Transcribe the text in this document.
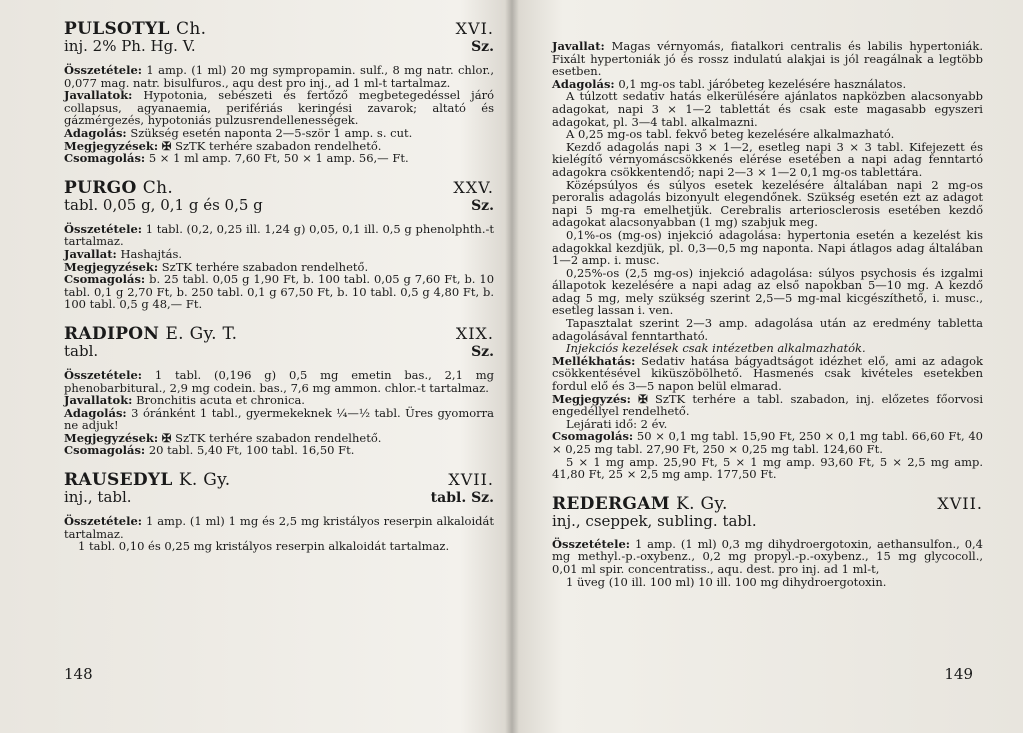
PULSOTYL Ch.	XVI.
inj. 2% Ph. Hg. V.	Sz.

Összetétele: 1 amp. (1 ml) 20 mg sympropamin. sulf., 8 mg natr. chlor., 0,077 mag. natr. bisulfuros., aqu dest pro inj., ad 1 ml-t tartalmaz.

Javallatok: Hypotonia, sebészeti és fertőző megbetegedéssel járó collapsus, agyanaemia, perifériás keringési zavarok; altató és gázmérgezés, hypotoniás pulzusrendellenességek.

Adagolás: Szükség esetén naponta 2—5-ször 1 amp. s. cut.

Megjegyzések: ✠ SzTK terhére szabadon rendelhető.

Csomagolás: 5 × 1 ml amp. 7,60 Ft, 50 × 1 amp. 56,— Ft.

PURGO Ch.	XXV.
tabl. 0,05 g, 0,1 g és 0,5 g	Sz.

Összetétele: 1 tabl. (0,2, 0,25 ill. 1,24 g) 0,05, 0,1 ill. 0,5 g phenolphth.-t tartalmaz.

Javallat: Hashajtás.

Megjegyzések: SzTK terhére szabadon rendelhető.

Csomagolás: b. 25 tabl. 0,05 g 1,90 Ft, b. 100 tabl. 0,05 g 7,60 Ft, b. 10 tabl. 0,1 g 2,70 Ft, b. 250 tabl. 0,1 g 67,50 Ft, b. 10 tabl. 0,5 g 4,80 Ft, b. 100 tabl. 0,5 g 48,— Ft.

RADIPON E. Gy. T.	XIX.
tabl.	Sz.

Összetétele: 1 tabl. (0,196 g) 0,5 mg emetin bas., 2,1 mg phenobarbitural., 2,9 mg codein. bas., 7,6 mg ammon. chlor.-t tartalmaz.

Javallatok: Bronchitis acuta et chronica.

Adagolás: 3 óránként 1 tabl., gyermekeknek ¼—½ tabl. Üres gyomorra ne adjuk!

Megjegyzések: ✠ SzTK terhére szabadon rendelhető.

Csomagolás: 20 tabl. 5,40 Ft, 100 tabl. 16,50 Ft.

RAUSEDYL K. Gy.	XVII.
inj., tabl.	tabl. Sz.

Összetétele: 1 amp. (1 ml) 1 mg és 2,5 mg kristályos reserpin alkaloidát tartalmaz.

1 tabl. 0,10 és 0,25 mg kristályos reserpin alkaloidát tartalmaz.

148

Javallat: Magas vérnyomás, fiatalkori centralis és labilis hypertoniák. Fixált hypertoniák jó és rossz indulatú alakjai is jól reagálnak a legtöbb esetben.

Adagolás: 0,1 mg-os tabl. járóbeteg kezelésére használatos.

A túlzott sedativ hatás elkerülésére ajánlatos napközben alacsonyabb adagokat, napi 3 × 1—2 tablettát és csak este magasabb egyszeri adagokat, pl. 3—4 tabl. alkalmazni.

A 0,25 mg-os tabl. fekvő beteg kezelésére alkalmazható.

Kezdő adagolás napi 3 × 1—2, esetleg napi 3 × 3 tabl. Kifejezett és kielégítő vérnyomáscsökkenés elérése esetében a napi adag fenntartó adagokra csökkentendő; napi 2—3 × 1—2 0,1 mg-os tablettára.

Középsúlyos és súlyos esetek kezelésére általában napi 2 mg-os peroralis adagolás bizonyult elegendőnek. Szükség esetén ezt az adagot napi 5 mg-ra emelhetjük. Cerebralis arteriosclerosis esetében kezdő adagokat alacsonyabban (1 mg) szabjuk meg.

0,1%-os (mg-os) injekció adagolása: hypertonia esetén a kezelést kis adagokkal kezdjük, pl. 0,3—0,5 mg naponta. Napi átlagos adag általában 1—2 amp. i. musc.

0,25%-os (2,5 mg-os) injekció adagolása: súlyos psychosis és izgalmi állapotok kezelésére a napi adag az első napokban 5—10 mg. A kezdő adag 5 mg, mely szükség szerint 2,5—5 mg-mal kicgészíthető, i. musc., esetleg lassan i. ven.

Tapasztalat szerint 2—3 amp. adagolása után az eredmény tabletta adagolásával fenntartható.

Injekciós kezelések csak intézetben alkalmazhatók.

Mellékhatás: Sedativ hatása bágyadtságot idézhet elő, ami az adagok csökkentésével kiküszöbölhető. Hasmenés csak kivételes esetekben fordul elő és 3—5 napon belül elmarad.

Megjegyzés: ✠ SzTK terhére a tabl. szabadon, inj. előzetes főorvosi engedéllyel rendelhető.

Lejárati idő: 2 év.

Csomagolás: 50 × 0,1 mg tabl. 15,90 Ft, 250 × 0,1 mg tabl. 66,60 Ft, 40 × 0,25 mg tabl. 27,90 Ft, 250 × 0,25 mg tabl. 124,60 Ft.

5 × 1 mg amp. 25,90 Ft, 5 × 1 mg amp. 93,60 Ft, 5 × 2,5 mg amp. 41,80 Ft, 25 × 2,5 mg amp. 177,50 Ft.

REDERGAM K. Gy.	XVII.
inj., cseppek, subling. tabl.

Összetétele: 1 amp. (1 ml) 0,3 mg dihydroergotoxin, aethansulfon., 0,4 mg methyl.-p.-oxybenz., 0,2 mg propyl.-p.-oxybenz., 15 mg glycocoll., 0,01 ml spir. concentratiss., aqu. dest. pro inj. ad 1 ml-t,

1 üveg (10 ill. 100 ml) 10 ill. 100 mg dihydroergotoxin.

149
